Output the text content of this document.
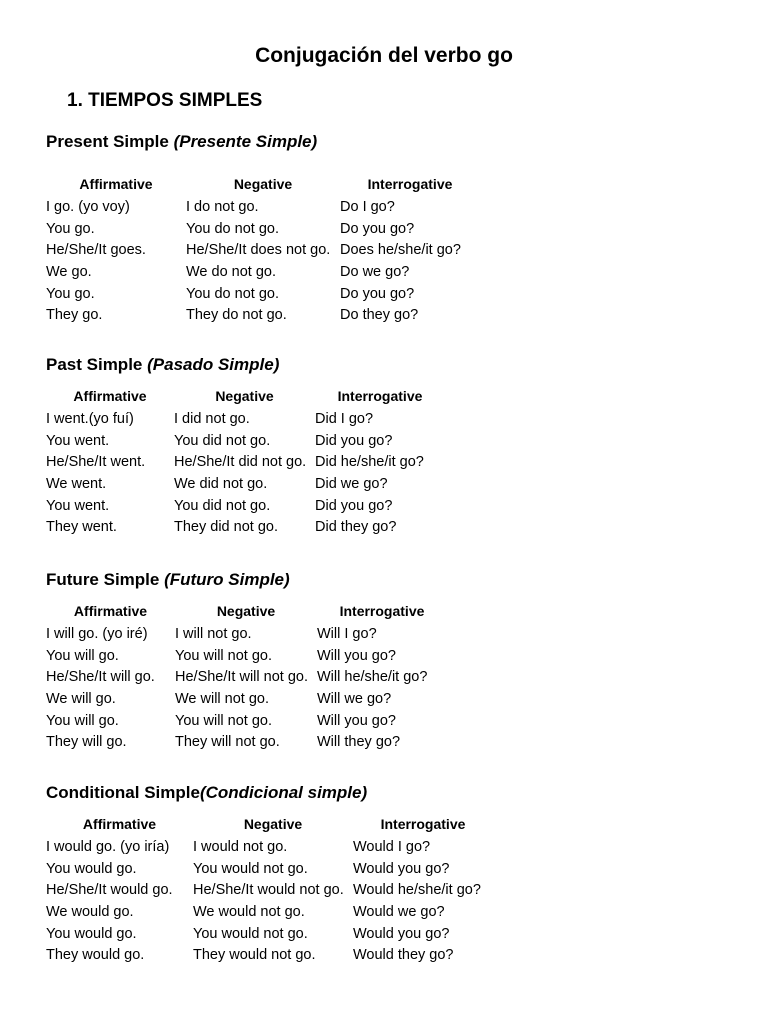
Conjugación del verbo go
1. TIEMPOS SIMPLES

Present Simple (Presente Simple)

Affirmative	Negative	Interrogative
I go. (yo voy)	I do not go.	Do I go?
You go.	You do not go.	Do you go?
He/She/It goes.	He/She/It does not go.	Does he/she/it go?
We go.	We do not go.	Do we go?
You go.	You do not go.	Do you go?
They go.	They do not go.	Do they go?

Past Simple (Pasado Simple)

Affirmative	Negative	Interrogative
I went.(yo fuí)	I did not go.	Did I go?
You went.	You did not go.	Did you go?
He/She/It went.	He/She/It did not go.	Did he/she/it go?
We went.	We did not go.	Did we go?
You went.	You did not go.	Did you go?
They went.	They did not go.	Did they go?

Future Simple (Futuro Simple)

Affirmative	Negative	Interrogative
I will go. (yo iré)	I will not go.	Will I go?
You will go.	You will not go.	Will you go?
He/She/It will go.	He/She/It will not go.	Will he/she/it go?
We will go.	We will not go.	Will we go?
You will go.	You will not go.	Will you go?
They will go.	They will not go.	Will they go?

Conditional Simple(Condicional simple)

Affirmative	Negative	Interrogative
I would go. (yo iría)	I would not go.	Would I go?
You would go.	You would not go.	Would you go?
He/She/It would go.	He/She/It would not go.	Would he/she/it go?
We would go.	We would not go.	Would we go?
You would go.	You would not go.	Would you go?
They would go.	They would not go.	Would they go?
